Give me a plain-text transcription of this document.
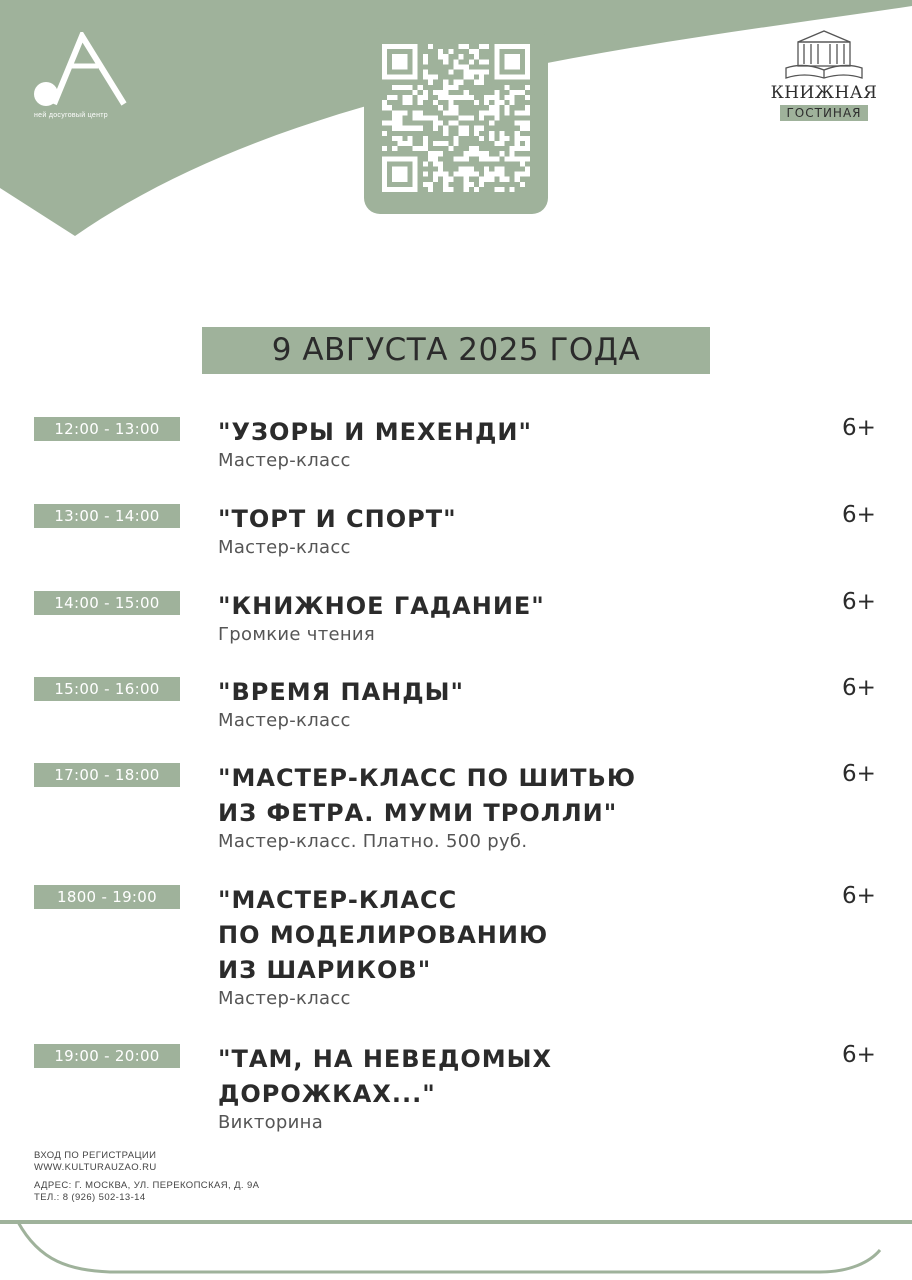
ней досуговый центр
КНИЖНАЯ
ГОСТИНАЯ
9 АВГУСТА 2025 ГОДА
12:00 - 13:00	"УЗОРЫ И МЕХЕНДИ"
Мастер-класс
6+
13:00 - 14:00	"ТОРТ И СПОРТ"
Мастер-класс
6+
14:00 - 15:00	"КНИЖНОЕ ГАДАНИЕ"
Громкие чтения
6+
15:00 - 16:00	"ВРЕМЯ ПАНДЫ"
Мастер-класс
6+
17:00 - 18:00	"МАСТЕР-КЛАСС ПО ШИТЬЮ
ИЗ ФЕТРА. МУМИ ТРОЛЛИ"
Мастер-класс. Платно. 500 руб.
6+
1800 - 19:00	"МАСТЕР-КЛАСС
ПО МОДЕЛИРОВАНИЮ
ИЗ ШАРИКОВ"
Мастер-класс
6+
19:00 - 20:00	"ТАМ, НА НЕВЕДОМЫХ
ДОРОЖКАХ..."
Викторина
6+
ВХОД ПО РЕГИСТРАЦИИ
WWW.KULTURAUZAO.RU
АДРЕС: Г. МОСКВА, УЛ. ПЕРЕКОПСКАЯ, Д. 9А
ТЕЛ.: 8 (926) 502-13-14
